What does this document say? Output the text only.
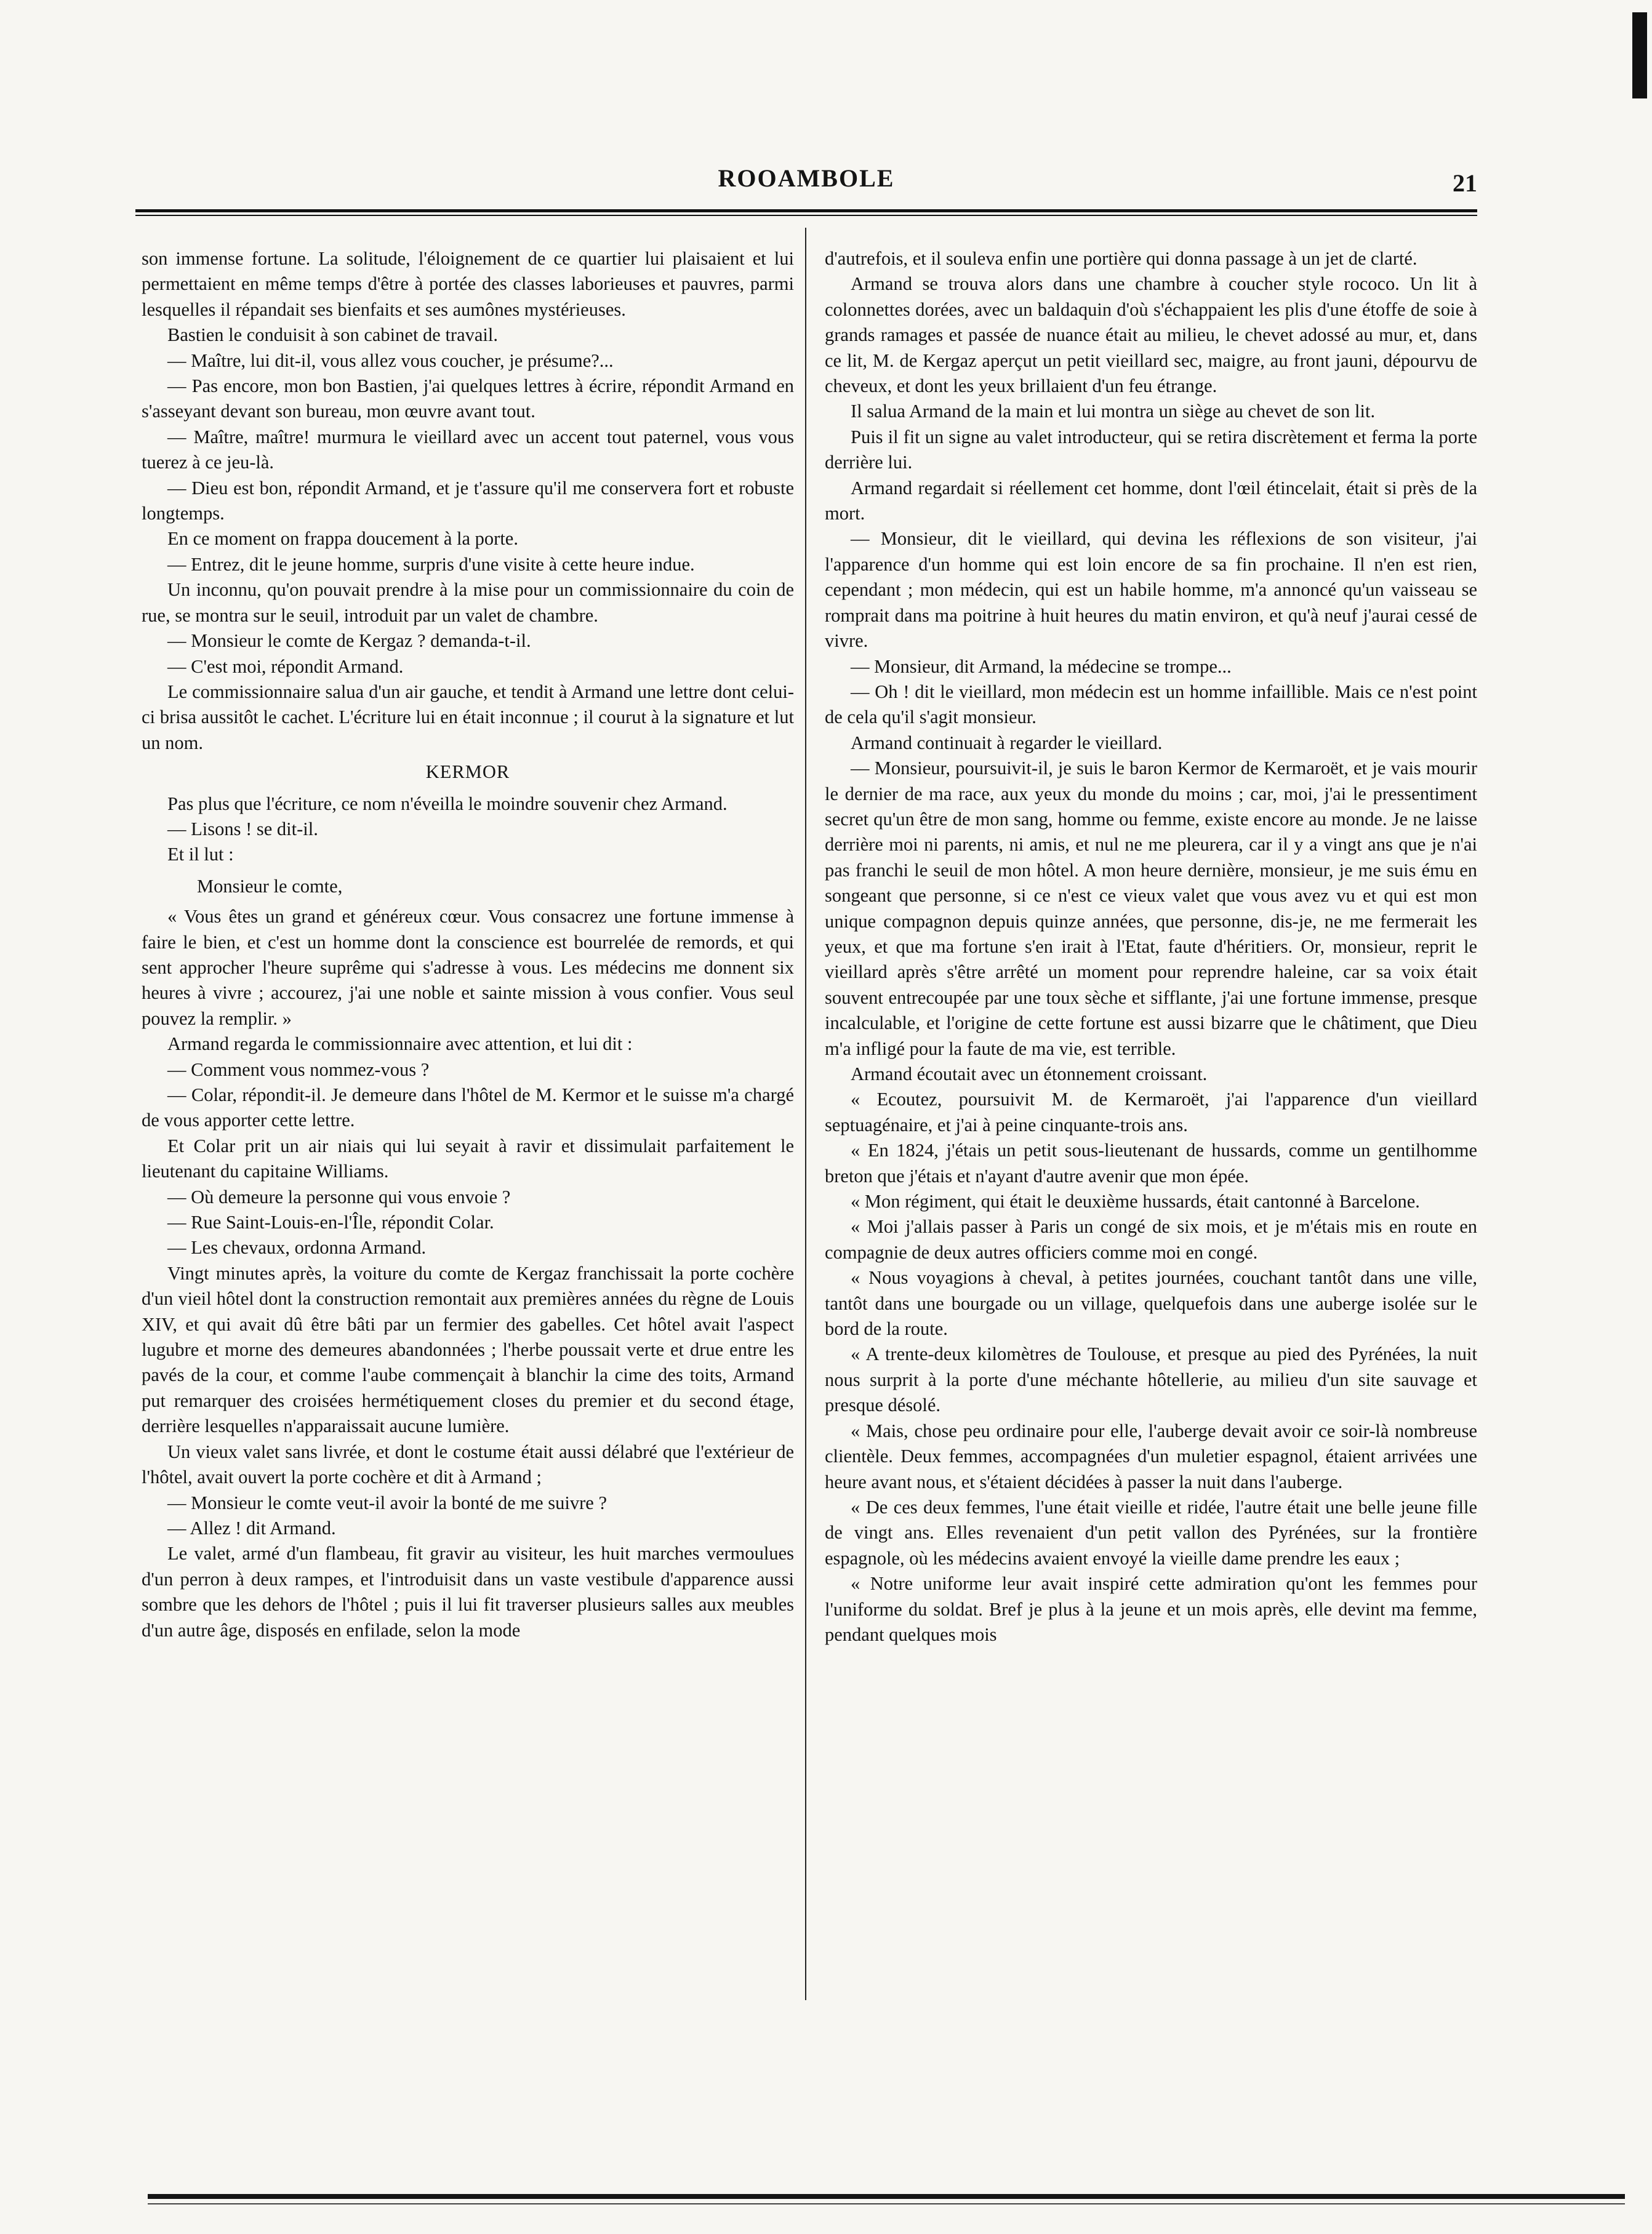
ROOAMBOLE	21

son immense fortune. La solitude, l'éloignement de ce quartier lui plaisaient et lui permettaient en même temps d'être à portée des classes laborieuses et pauvres, parmi lesquelles il répandait ses bienfaits et ses aumônes mystérieuses.

Bastien le conduisit à son cabinet de travail.

— Maître, lui dit-il, vous allez vous coucher, je présume?...

— Pas encore, mon bon Bastien, j'ai quelques lettres à écrire, répondit Armand en s'asseyant devant son bureau, mon œuvre avant tout.

— Maître, maître! murmura le vieillard avec un accent tout paternel, vous vous tuerez à ce jeu-là.

— Dieu est bon, répondit Armand, et je t'assure qu'il me conservera fort et robuste longtemps.

En ce moment on frappa doucement à la porte.

— Entrez, dit le jeune homme, surpris d'une visite à cette heure indue.

Un inconnu, qu'on pouvait prendre à la mise pour un commissionnaire du coin de rue, se montra sur le seuil, introduit par un valet de chambre.

— Monsieur le comte de Kergaz ? demanda-t-il.

— C'est moi, répondit Armand.

Le commissionnaire salua d'un air gauche, et tendit à Armand une lettre dont celui-ci brisa aussitôt le cachet. L'écriture lui en était inconnue ; il courut à la signature et lut un nom.

KERMOR

Pas plus que l'écriture, ce nom n'éveilla le moindre souvenir chez Armand.

— Lisons ! se dit-il.

Et il lut :

Monsieur le comte,

« Vous êtes un grand et généreux cœur. Vous consacrez une fortune immense à faire le bien, et c'est un homme dont la conscience est bourrelée de remords, et qui sent approcher l'heure suprême qui s'adresse à vous. Les médecins me donnent six heures à vivre ; accourez, j'ai une noble et sainte mission à vous confier. Vous seul pouvez la remplir. »

Armand regarda le commissionnaire avec attention, et lui dit :

— Comment vous nommez-vous ?

— Colar, répondit-il. Je demeure dans l'hôtel de M. Kermor et le suisse m'a chargé de vous apporter cette lettre.

Et Colar prit un air niais qui lui seyait à ravir et dissimulait parfaitement le lieutenant du capitaine Williams.

— Où demeure la personne qui vous envoie ?

— Rue Saint-Louis-en-l'Île, répondit Colar.

— Les chevaux, ordonna Armand.

Vingt minutes après, la voiture du comte de Kergaz franchissait la porte cochère d'un vieil hôtel dont la construction remontait aux premières années du règne de Louis XIV, et qui avait dû être bâti par un fermier des gabelles. Cet hôtel avait l'aspect lugubre et morne des demeures abandonnées ; l'herbe poussait verte et drue entre les pavés de la cour, et comme l'aube commençait à blanchir la cime des toits, Armand put remarquer des croisées hermétiquement closes du premier et du second étage, derrière lesquelles n'apparaissait aucune lumière.

Un vieux valet sans livrée, et dont le costume était aussi délabré que l'extérieur de l'hôtel, avait ouvert la porte cochère et dit à Armand ;

— Monsieur le comte veut-il avoir la bonté de me suivre ?

— Allez ! dit Armand.

Le valet, armé d'un flambeau, fit gravir au visiteur, les huit marches vermoulues d'un perron à deux rampes, et l'introduisit dans un vaste vestibule d'apparence aussi sombre que les dehors de l'hôtel ; puis il lui fit traverser plusieurs salles aux meubles d'un autre âge, disposés en enfilade, selon la mode

d'autrefois, et il souleva enfin une portière qui donna passage à un jet de clarté.

Armand se trouva alors dans une chambre à coucher style rococo. Un lit à colonnettes dorées, avec un baldaquin d'où s'échappaient les plis d'une étoffe de soie à grands ramages et passée de nuance était au milieu, le chevet adossé au mur, et, dans ce lit, M. de Kergaz aperçut un petit vieillard sec, maigre, au front jauni, dépourvu de cheveux, et dont les yeux brillaient d'un feu étrange.

Il salua Armand de la main et lui montra un siège au chevet de son lit.

Puis il fit un signe au valet introducteur, qui se retira discrètement et ferma la porte derrière lui.

Armand regardait si réellement cet homme, dont l'œil étincelait, était si près de la mort.

— Monsieur, dit le vieillard, qui devina les réflexions de son visiteur, j'ai l'apparence d'un homme qui est loin encore de sa fin prochaine. Il n'en est rien, cependant ; mon médecin, qui est un habile homme, m'a annoncé qu'un vaisseau se romprait dans ma poitrine à huit heures du matin environ, et qu'à neuf j'aurai cessé de vivre.

— Monsieur, dit Armand, la médecine se trompe...

— Oh ! dit le vieillard, mon médecin est un homme infaillible. Mais ce n'est point de cela qu'il s'agit monsieur.

Armand continuait à regarder le vieillard.

— Monsieur, poursuivit-il, je suis le baron Kermor de Kermaroët, et je vais mourir le dernier de ma race, aux yeux du monde du moins ; car, moi, j'ai le pressentiment secret qu'un être de mon sang, homme ou femme, existe encore au monde. Je ne laisse derrière moi ni parents, ni amis, et nul ne me pleurera, car il y a vingt ans que je n'ai pas franchi le seuil de mon hôtel. A mon heure dernière, monsieur, je me suis ému en songeant que personne, si ce n'est ce vieux valet que vous avez vu et qui est mon unique compagnon depuis quinze années, que personne, dis-je, ne me fermerait les yeux, et que ma fortune s'en irait à l'Etat, faute d'héritiers. Or, monsieur, reprit le vieillard après s'être arrêté un moment pour reprendre haleine, car sa voix était souvent entrecoupée par une toux sèche et sifflante, j'ai une fortune immense, presque incalculable, et l'origine de cette fortune est aussi bizarre que le châtiment, que Dieu m'a infligé pour la faute de ma vie, est terrible.

Armand écoutait avec un étonnement croissant.

« Ecoutez, poursuivit M. de Kermaroët, j'ai l'apparence d'un vieillard septuagénaire, et j'ai à peine cinquante-trois ans.

« En 1824, j'étais un petit sous-lieutenant de hussards, comme un gentilhomme breton que j'étais et n'ayant d'autre avenir que mon épée.

« Mon régiment, qui était le deuxième hussards, était cantonné à Barcelone.

« Moi j'allais passer à Paris un congé de six mois, et je m'étais mis en route en compagnie de deux autres officiers comme moi en congé.

« Nous voyagions à cheval, à petites journées, couchant tantôt dans une ville, tantôt dans une bourgade ou un village, quelquefois dans une auberge isolée sur le bord de la route.

« A trente-deux kilomètres de Toulouse, et presque au pied des Pyrénées, la nuit nous surprit à la porte d'une méchante hôtellerie, au milieu d'un site sauvage et presque désolé.

« Mais, chose peu ordinaire pour elle, l'auberge devait avoir ce soir-là nombreuse clientèle. Deux femmes, accompagnées d'un muletier espagnol, étaient arrivées une heure avant nous, et s'étaient décidées à passer la nuit dans l'auberge.

« De ces deux femmes, l'une était vieille et ridée, l'autre était une belle jeune fille de vingt ans. Elles revenaient d'un petit vallon des Pyrénées, sur la frontière espagnole, où les médecins avaient envoyé la vieille dame prendre les eaux ;

« Notre uniforme leur avait inspiré cette admiration qu'ont les femmes pour l'uniforme du soldat. Bref je plus à la jeune et un mois après, elle devint ma femme, pendant quelques mois
